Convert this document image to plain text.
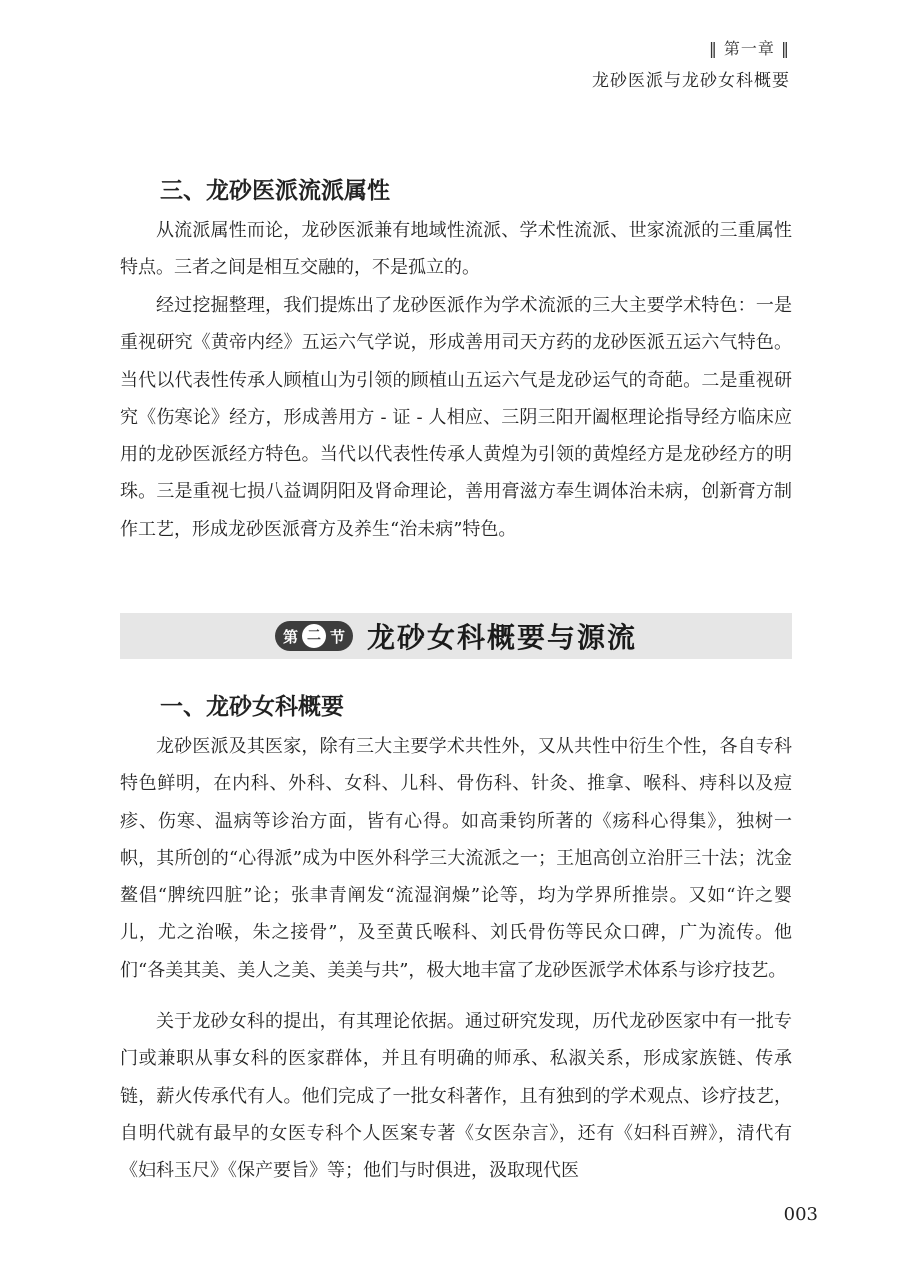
‖ 第一章 ‖
龙砂医派与龙砂女科概要
三、龙砂医派流派属性

从流派属性而论，龙砂医派兼有地域性流派、学术性流派、世家流派的三重属性特点。三者之间是相互交融的，不是孤立的。

经过挖掘整理，我们提炼出了龙砂医派作为学术流派的三大主要学术特色：一是重视研究《黄帝内经》五运六气学说，形成善用司天方药的龙砂医派五运六气特色。当代以代表性传承人顾植山为引领的顾植山五运六气是龙砂运气的奇葩。二是重视研究《伤寒论》经方，形成善用方 - 证 - 人相应、三阴三阳开阖枢理论指导经方临床应用的龙砂医派经方特色。当代以代表性传承人黄煌为引领的黄煌经方是龙砂经方的明珠。三是重视七损八益调阴阳及肾命理论，善用膏滋方奉生调体治未病，创新膏方制作工艺，形成龙砂医派膏方及养生“治未病”特色。

第 二 节 龙砂女科概要与源流
一、龙砂女科概要

龙砂医派及其医家，除有三大主要学术共性外，又从共性中衍生个性，各自专科特色鲜明，在内科、外科、女科、儿科、骨伤科、针灸、推拿、喉科、痔科以及痘疹、伤寒、温病等诊治方面，皆有心得。如高秉钧所著的《疡科心得集》，独树一帜，其所创的“心得派”成为中医外科学三大流派之一；王旭高创立治肝三十法；沈金鳌倡“脾统四脏”论；张聿青阐发“流湿润燥”论等，均为学界所推崇。又如“许之婴儿，尤之治喉，朱之接骨”，及至黄氏喉科、刘氏骨伤等民众口碑，广为流传。他们“各美其美、美人之美、美美与共”，极大地丰富了龙砂医派学术体系与诊疗技艺。

关于龙砂女科的提出，有其理论依据。通过研究发现，历代龙砂医家中有一批专门或兼职从事女科的医家群体，并且有明确的师承、私淑关系，形成家族链、传承链，薪火传承代有人。他们完成了一批女科著作，且有独到的学术观点、诊疗技艺，自明代就有最早的女医专科个人医案专著《女医杂言》，还有《妇科百辨》，清代有《妇科玉尺》《保产要旨》等；他们与时俱进，汲取现代医

003
